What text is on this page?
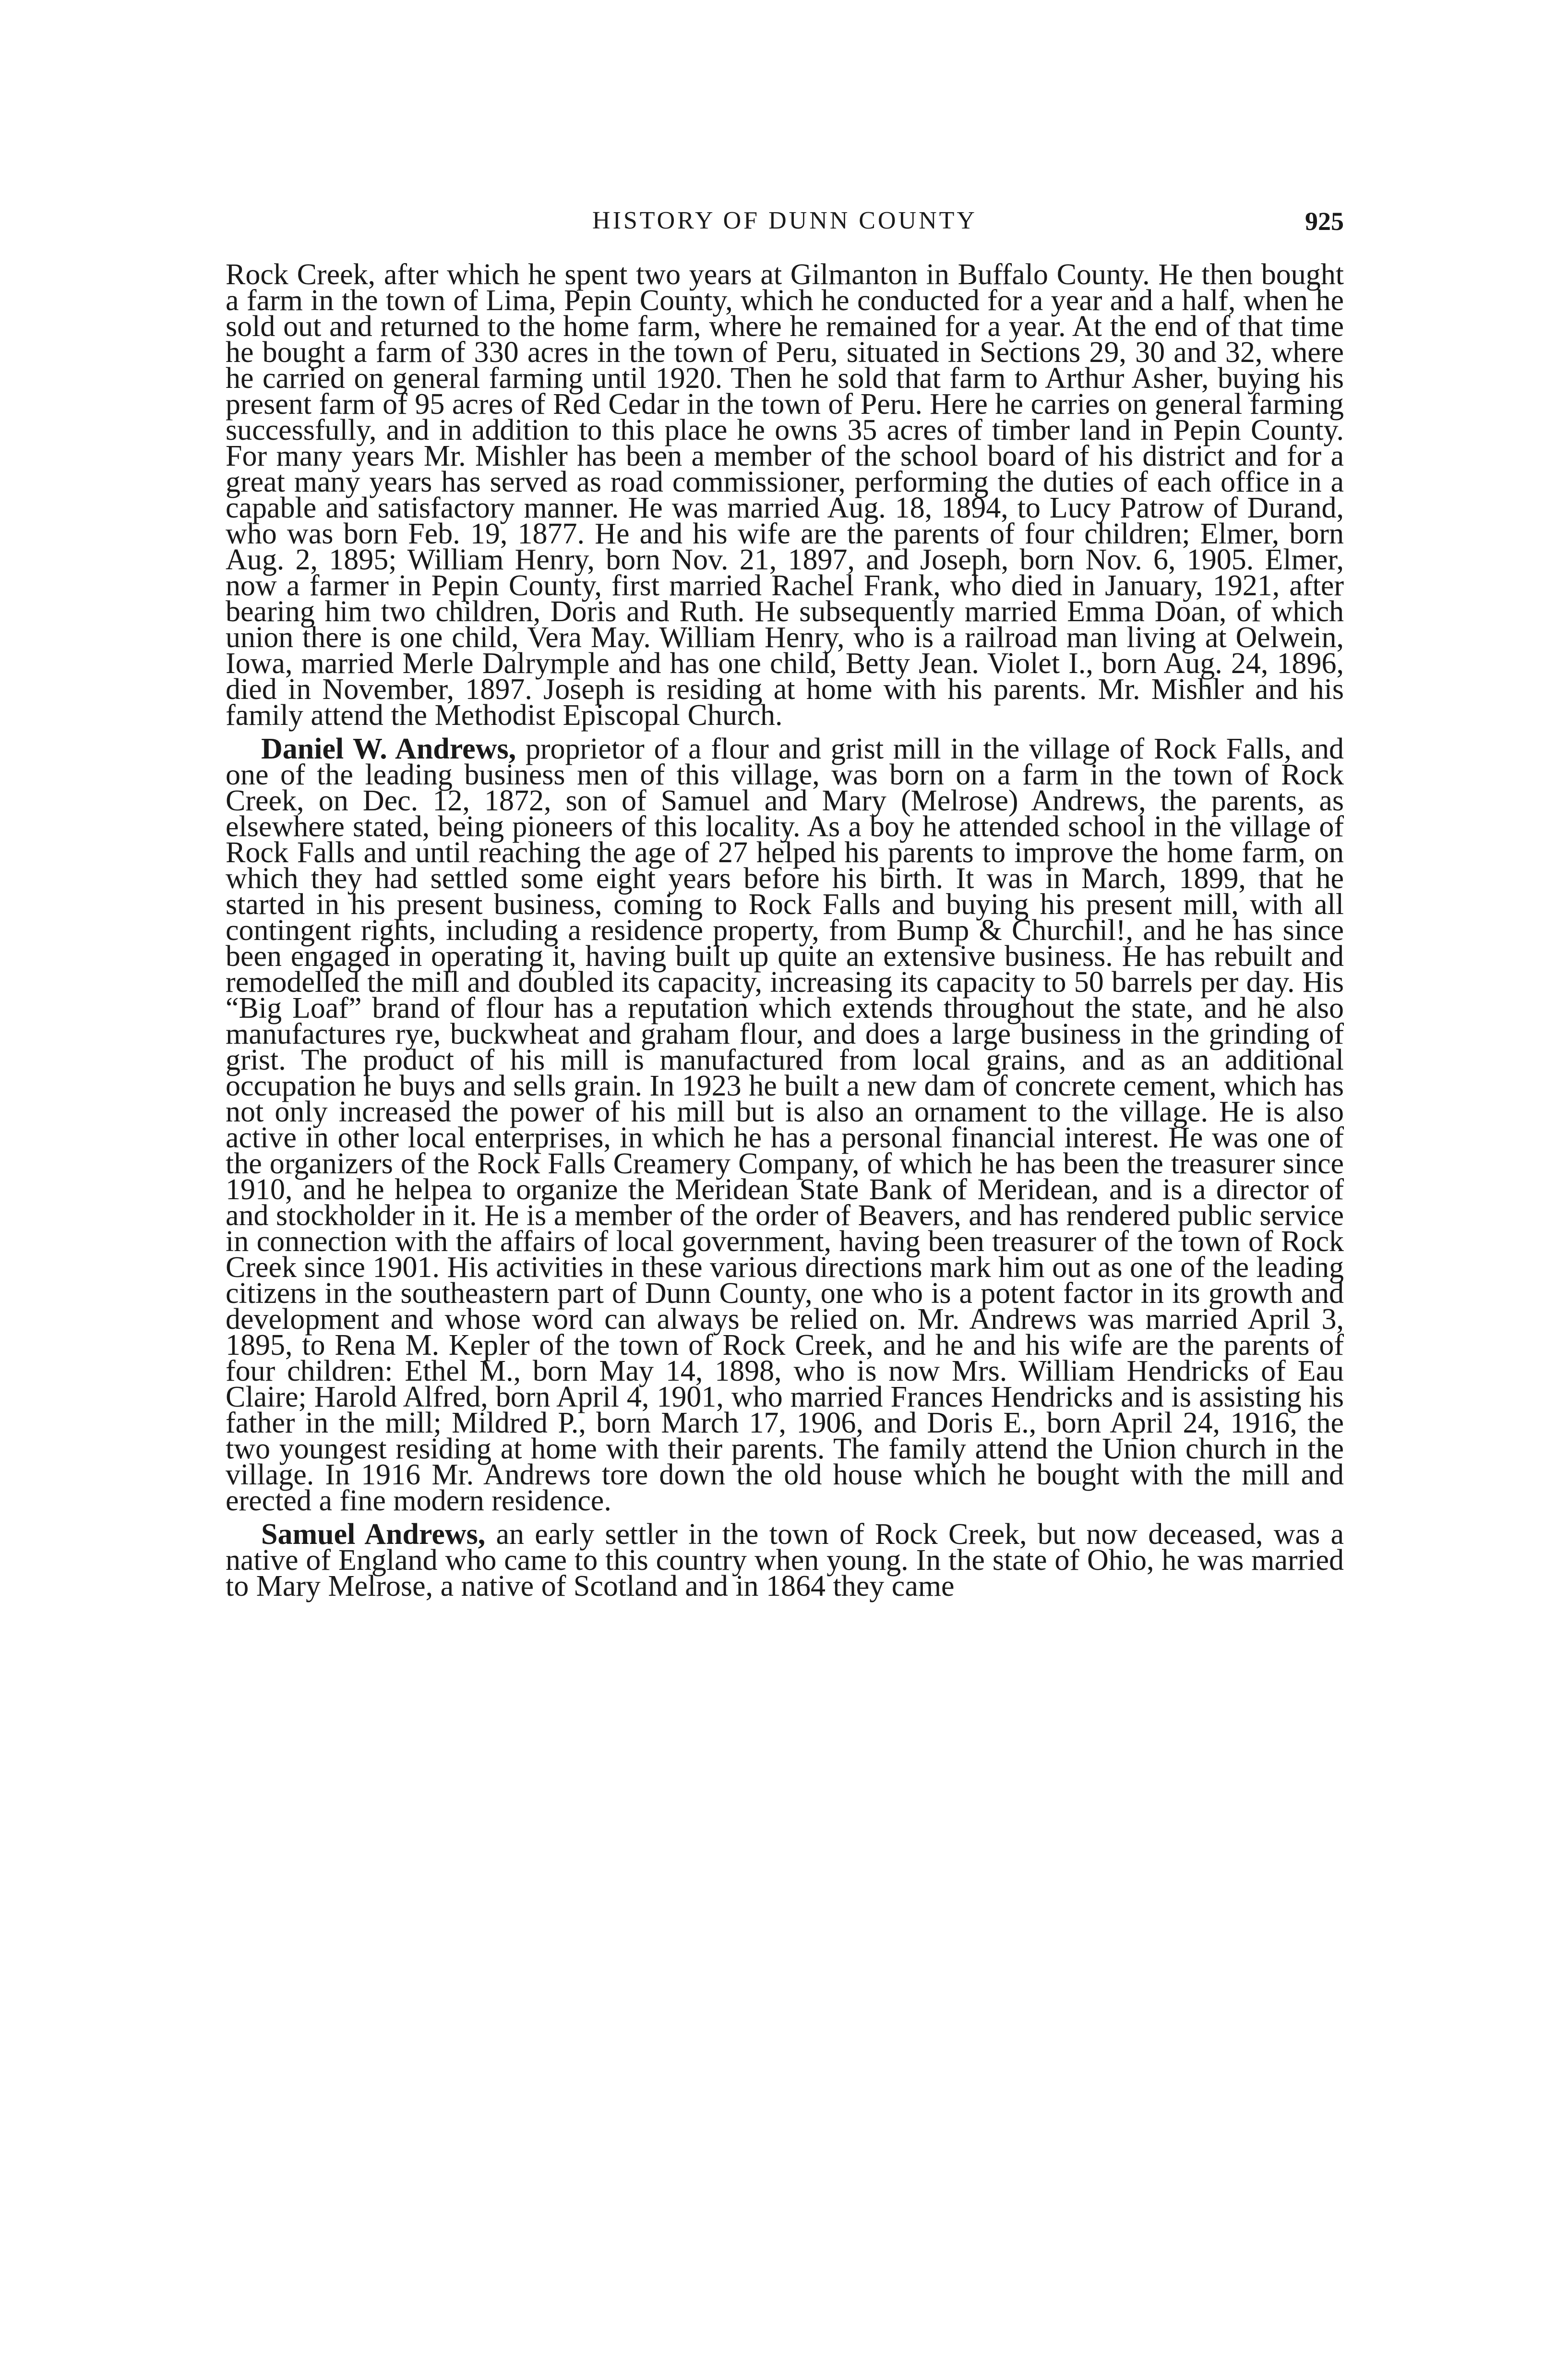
HISTORY OF DUNN COUNTY	925

Rock Creek, after which he spent two years at Gilmanton in Buffalo County. He then bought a farm in the town of Lima, Pepin County, which he conducted for a year and a half, when he sold out and returned to the home farm, where he remained for a year. At the end of that time he bought a farm of 330 acres in the town of Peru, situated in Sections 29, 30 and 32, where he carried on general farming until 1920. Then he sold that farm to Arthur Asher, buying his present farm of 95 acres of Red Cedar in the town of Peru. Here he carries on general farming successfully, and in addition to this place he owns 35 acres of timber land in Pepin County. For many years Mr. Mishler has been a member of the school board of his district and for a great many years has served as road commissioner, performing the duties of each office in a capable and satisfactory manner. He was married Aug. 18, 1894, to Lucy Patrow of Durand, who was born Feb. 19, 1877. He and his wife are the parents of four children; Elmer, born Aug. 2, 1895; William Henry, born Nov. 21, 1897, and Joseph, born Nov. 6, 1905. Elmer, now a farmer in Pepin County, first married Rachel Frank, who died in January, 1921, after bearing him two children, Doris and Ruth. He subsequently married Emma Doan, of which union there is one child, Vera May. William Henry, who is a railroad man living at Oelwein, Iowa, married Merle Dalrymple and has one child, Betty Jean. Violet I., born Aug. 24, 1896, died in November, 1897. Joseph is residing at home with his parents. Mr. Mishler and his family attend the Methodist Episcopal Church.

Daniel W. Andrews, proprietor of a flour and grist mill in the village of Rock Falls, and one of the leading business men of this village, was born on a farm in the town of Rock Creek, on Dec. 12, 1872, son of Samuel and Mary (Melrose) Andrews, the parents, as elsewhere stated, being pioneers of this locality. As a boy he attended school in the village of Rock Falls and until reaching the age of 27 helped his parents to improve the home farm, on which they had settled some eight years before his birth. It was in March, 1899, that he started in his present business, coming to Rock Falls and buying his present mill, with all contingent rights, including a residence property, from Bump & Churchil!, and he has since been engaged in operating it, having built up quite an extensive business. He has rebuilt and remodelled the mill and doubled its capacity, increasing its capacity to 50 barrels per day. His “Big Loaf” brand of flour has a reputation which extends throughout the state, and he also manufactures rye, buckwheat and graham flour, and does a large business in the grinding of grist. The product of his mill is manufactured from local grains, and as an additional occupation he buys and sells grain. In 1923 he built a new dam of concrete cement, which has not only increased the power of his mill but is also an ornament to the village. He is also active in other local enterprises, in which he has a personal financial interest. He was one of the organizers of the Rock Falls Creamery Company, of which he has been the treasurer since 1910, and he helpea to organize the Meridean State Bank of Meridean, and is a director of and stockholder in it. He is a member of the order of Beavers, and has rendered public service in connection with the affairs of local government, having been treasurer of the town of Rock Creek since 1901. His activities in these various directions mark him out as one of the leading citizens in the southeastern part of Dunn County, one who is a potent factor in its growth and development and whose word can always be relied on. Mr. Andrews was married April 3, 1895, to Rena M. Kepler of the town of Rock Creek, and he and his wife are the parents of four children: Ethel M., born May 14, 1898, who is now Mrs. William Hendricks of Eau Claire; Harold Alfred, born April 4, 1901, who married Frances Hendricks and is assisting his father in the mill; Mildred P., born March 17, 1906, and Doris E., born April 24, 1916, the two youngest residing at home with their parents. The family attend the Union church in the village. In 1916 Mr. Andrews tore down the old house which he bought with the mill and erected a fine modern residence.

Samuel Andrews, an early settler in the town of Rock Creek, but now deceased, was a native of England who came to this country when young. In the state of Ohio, he was married to Mary Melrose, a native of Scotland and in 1864 they came
